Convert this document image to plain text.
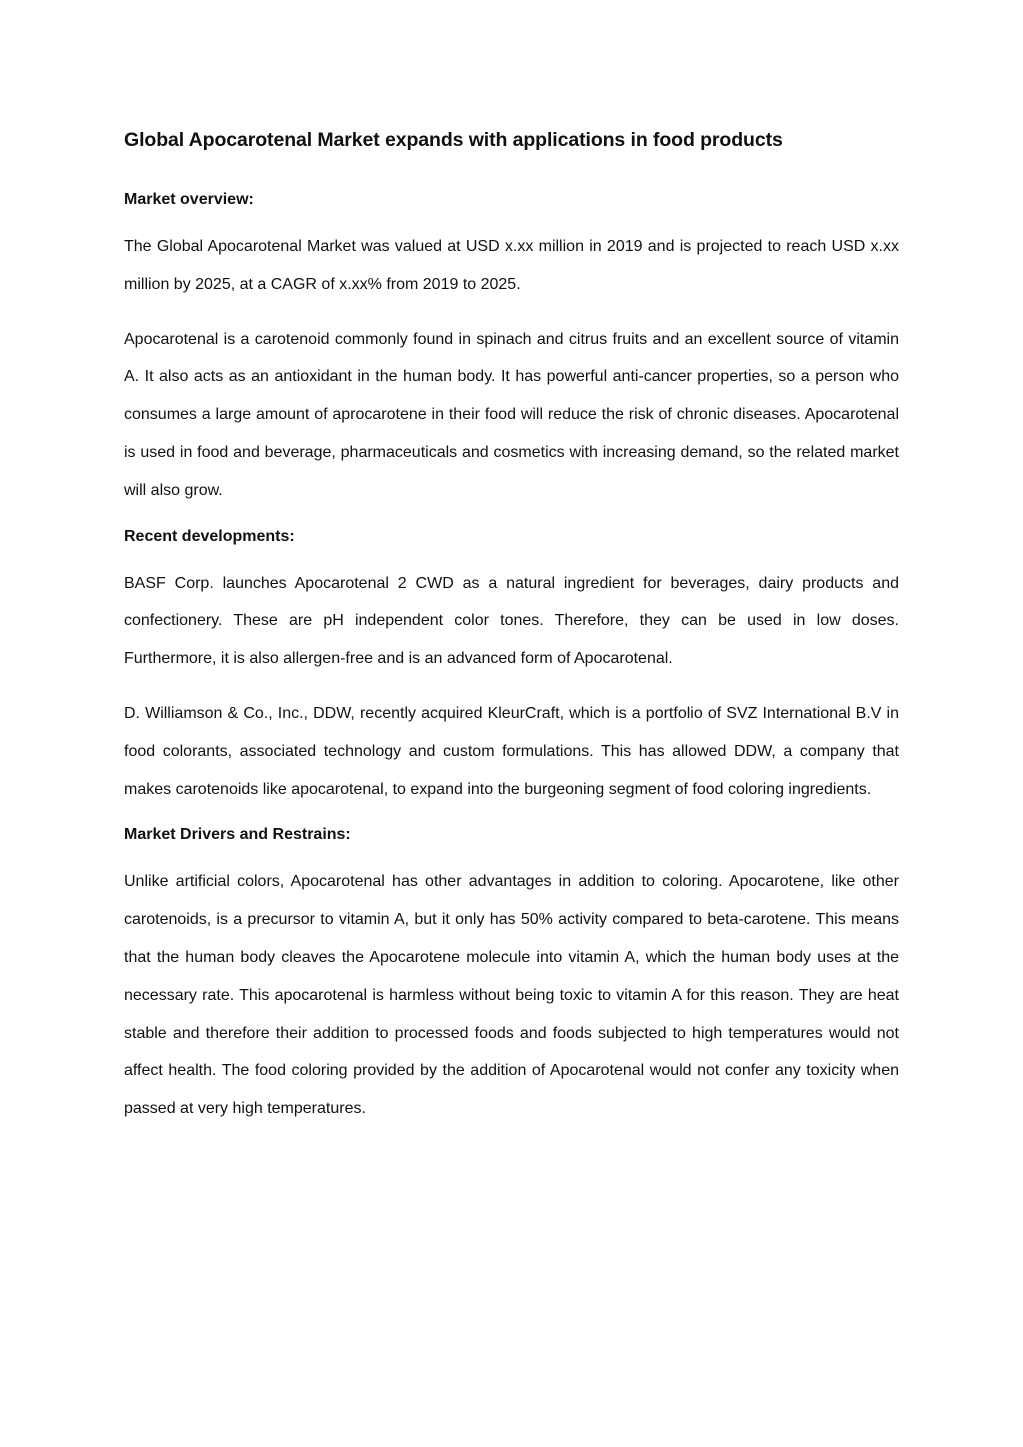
Global Apocarotenal Market expands with applications in food products
Market overview:

The Global Apocarotenal Market was valued at USD x.xx million in 2019 and is projected to reach USD x.xx million by 2025, at a CAGR of x.xx% from 2019 to 2025.

Apocarotenal is a carotenoid commonly found in spinach and citrus fruits and an excellent source of vitamin A. It also acts as an antioxidant in the human body. It has powerful anti-cancer properties, so a person who consumes a large amount of aprocarotene in their food will reduce the risk of chronic diseases. Apocarotenal is used in food and beverage, pharmaceuticals and cosmetics with increasing demand, so the related market will also grow.

Recent developments:

BASF Corp. launches Apocarotenal 2 CWD as a natural ingredient for beverages, dairy products and confectionery. These are pH independent color tones. Therefore, they can be used in low doses. Furthermore, it is also allergen-free and is an advanced form of Apocarotenal.

D. Williamson & Co., Inc., DDW, recently acquired KleurCraft, which is a portfolio of SVZ International B.V in food colorants, associated technology and custom formulations. This has allowed DDW, a company that makes carotenoids like apocarotenal, to expand into the burgeoning segment of food coloring ingredients.

Market Drivers and Restrains:

Unlike artificial colors, Apocarotenal has other advantages in addition to coloring. Apocarotene, like other carotenoids, is a precursor to vitamin A, but it only has 50% activity compared to beta-carotene. This means that the human body cleaves the Apocarotene molecule into vitamin A, which the human body uses at the necessary rate. This apocarotenal is harmless without being toxic to vitamin A for this reason. They are heat stable and therefore their addition to processed foods and foods subjected to high temperatures would not affect health. The food coloring provided by the addition of Apocarotenal would not confer any toxicity when passed at very high temperatures.
